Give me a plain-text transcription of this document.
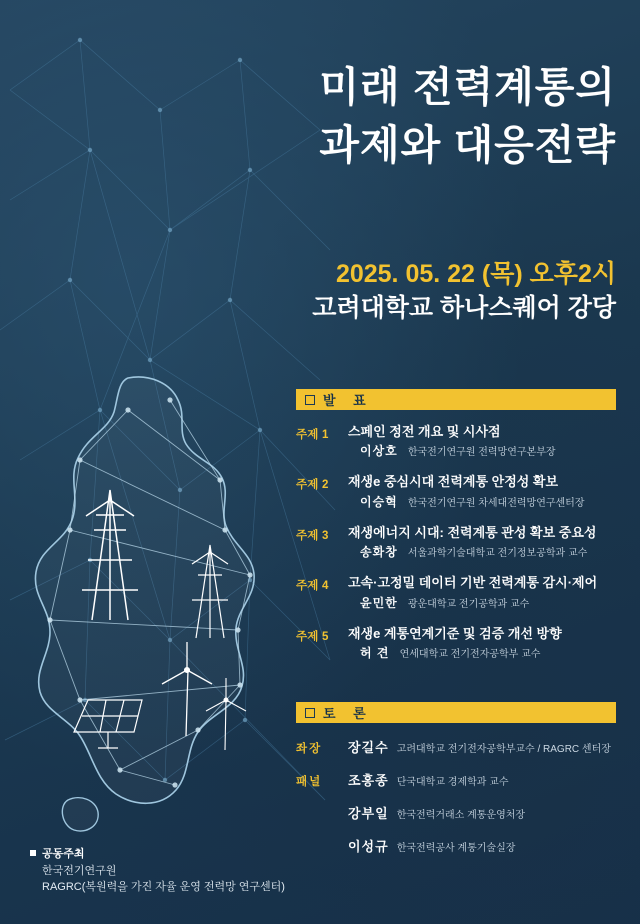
미래 전력계통의
과제와 대응전략
2025. 05. 22 (목) 오후2시
고려대학교 하나스퀘어 강당
발 표
주제 1	스페인 정전 개요 및 시사점
이상호 한국전기연구원 전력망연구본부장
주제 2	재생e 중심시대 전력계통 안정성 확보
이승혁 한국전기연구원 차세대전력망연구센터장
주제 3	재생에너지 시대: 전력계통 관성 확보 중요성
송화창 서울과학기술대학교 전기정보공학과 교수
주제 4	고속·고정밀 데이터 기반 전력계통 감시·제어
윤민한 광운대학교 전기공학과 교수
주제 5	재생e 계통연계기준 및 검증 개선 방향
허 견 연세대학교 전기전자공학부 교수
토 론
좌장	장길수 고려대학교 전기전자공학부교수 / RAGRC 센터장
패널	조홍종 단국대학교 경제학과 교수
강부일 한국전력거래소 계통운영처장
이성규 한국전력공사 계통기술실장
공동주최
한국전기연구원
RAGRC(복원력을 가진 자율 운영 전력망 연구센터)
